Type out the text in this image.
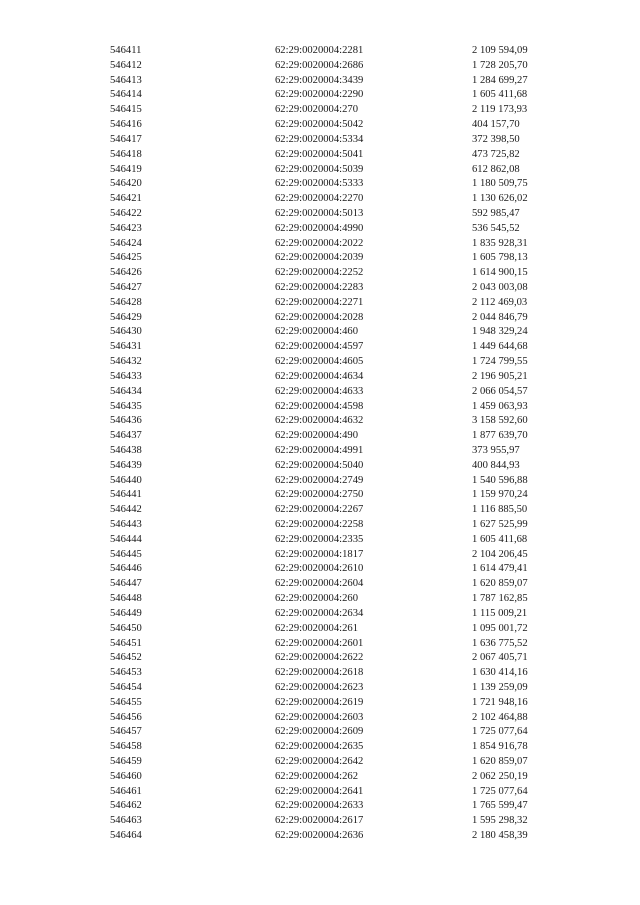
546411	62:29:0020004:2281	2 109 594,09
546412	62:29:0020004:2686	1 728 205,70
546413	62:29:0020004:3439	1 284 699,27
546414	62:29:0020004:2290	1 605 411,68
546415	62:29:0020004:270	2 119 173,93
546416	62:29:0020004:5042	404 157,70
546417	62:29:0020004:5334	372 398,50
546418	62:29:0020004:5041	473 725,82
546419	62:29:0020004:5039	612 862,08
546420	62:29:0020004:5333	1 180 509,75
546421	62:29:0020004:2270	1 130 626,02
546422	62:29:0020004:5013	592 985,47
546423	62:29:0020004:4990	536 545,52
546424	62:29:0020004:2022	1 835 928,31
546425	62:29:0020004:2039	1 605 798,13
546426	62:29:0020004:2252	1 614 900,15
546427	62:29:0020004:2283	2 043 003,08
546428	62:29:0020004:2271	2 112 469,03
546429	62:29:0020004:2028	2 044 846,79
546430	62:29:0020004:460	1 948 329,24
546431	62:29:0020004:4597	1 449 644,68
546432	62:29:0020004:4605	1 724 799,55
546433	62:29:0020004:4634	2 196 905,21
546434	62:29:0020004:4633	2 066 054,57
546435	62:29:0020004:4598	1 459 063,93
546436	62:29:0020004:4632	3 158 592,60
546437	62:29:0020004:490	1 877 639,70
546438	62:29:0020004:4991	373 955,97
546439	62:29:0020004:5040	400 844,93
546440	62:29:0020004:2749	1 540 596,88
546441	62:29:0020004:2750	1 159 970,24
546442	62:29:0020004:2267	1 116 885,50
546443	62:29:0020004:2258	1 627 525,99
546444	62:29:0020004:2335	1 605 411,68
546445	62:29:0020004:1817	2 104 206,45
546446	62:29:0020004:2610	1 614 479,41
546447	62:29:0020004:2604	1 620 859,07
546448	62:29:0020004:260	1 787 162,85
546449	62:29:0020004:2634	1 115 009,21
546450	62:29:0020004:261	1 095 001,72
546451	62:29:0020004:2601	1 636 775,52
546452	62:29:0020004:2622	2 067 405,71
546453	62:29:0020004:2618	1 630 414,16
546454	62:29:0020004:2623	1 139 259,09
546455	62:29:0020004:2619	1 721 948,16
546456	62:29:0020004:2603	2 102 464,88
546457	62:29:0020004:2609	1 725 077,64
546458	62:29:0020004:2635	1 854 916,78
546459	62:29:0020004:2642	1 620 859,07
546460	62:29:0020004:262	2 062 250,19
546461	62:29:0020004:2641	1 725 077,64
546462	62:29:0020004:2633	1 765 599,47
546463	62:29:0020004:2617	1 595 298,32
546464	62:29:0020004:2636	2 180 458,39
